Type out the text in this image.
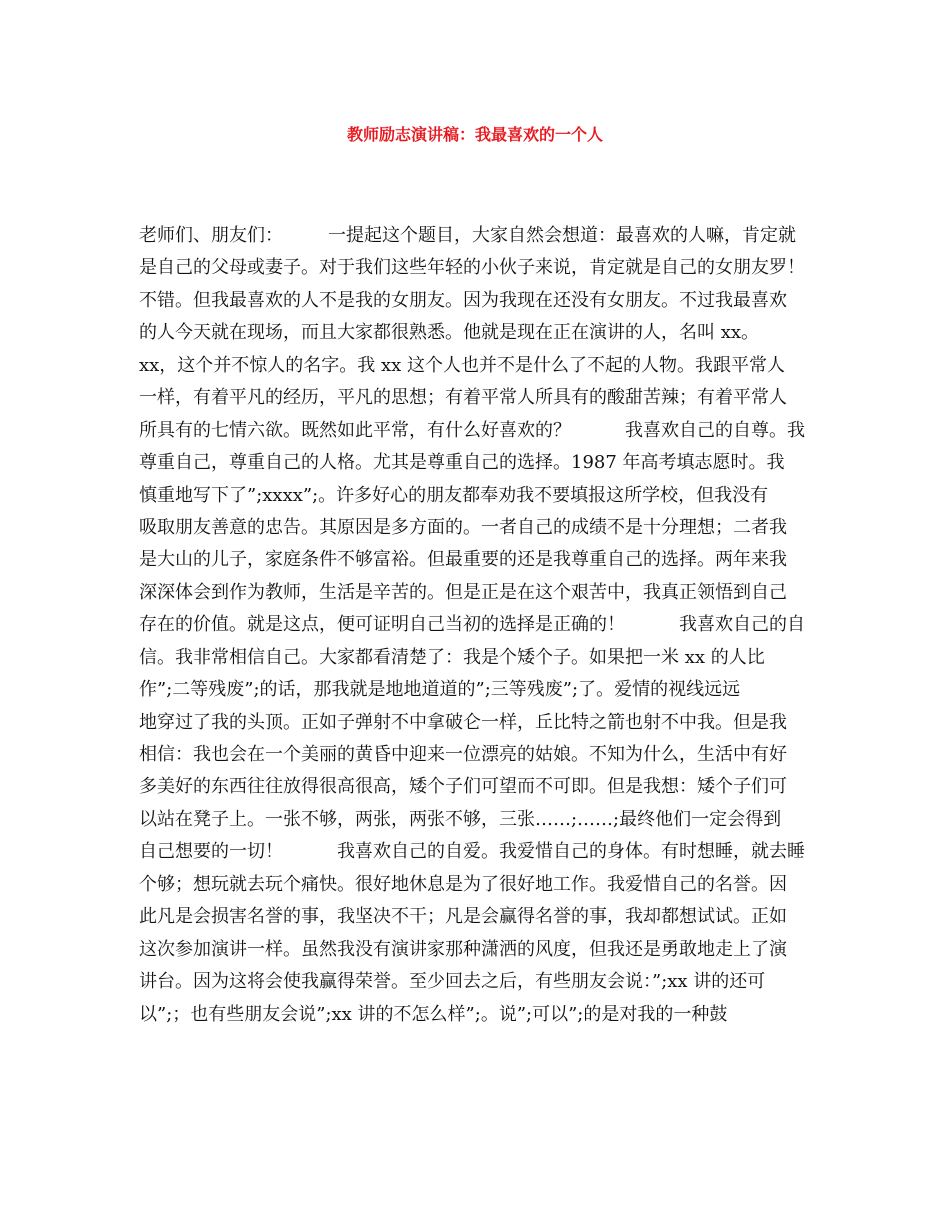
教师励志演讲稿：我最喜欢的一个人
老师们、朋友们：　　　一提起这个题目，大家自然会想道：最喜欢的人嘛，肯定就
是自己的父母或妻子。对于我们这些年轻的小伙子来说，肯定就是自己的女朋友罗！
不错。但我最喜欢的人不是我的女朋友。因为我现在还没有女朋友。不过我最喜欢
的人今天就在现场，而且大家都很熟悉。他就是现在正在演讲的人，名叫 xx。
xx，这个并不惊人的名字。我 xx 这个人也并不是什么了不起的人物。我跟平常人
一样，有着平凡的经历，平凡的思想；有着平常人所具有的酸甜苦辣；有着平常人
所具有的七情六欲。既然如此平常，有什么好喜欢的？　　　我喜欢自己的自尊。我
尊重自己，尊重自己的人格。尤其是尊重自己的选择。1987 年高考填志愿时。我
慎重地写下了”;xxxx”;。许多好心的朋友都奉劝我不要填报这所学校，但我没有
吸取朋友善意的忠告。其原因是多方面的。一者自己的成绩不是十分理想；二者我
是大山的儿子，家庭条件不够富裕。但最重要的还是我尊重自己的选择。两年来我
深深体会到作为教师，生活是辛苦的。但是正是在这个艰苦中，我真正领悟到自己
存在的价值。就是这点，便可证明自己当初的选择是正确的！　　　我喜欢自己的自
信。我非常相信自己。大家都看清楚了：我是个矮个子。如果把一米 xx 的人比
作”;二等残废”;的话，那我就是地地道道的”;三等残废”;了。爱情的视线远远
地穿过了我的头顶。正如子弹射不中拿破仑一样，丘比特之箭也射不中我。但是我
相信：我也会在一个美丽的黄昏中迎来一位漂亮的姑娘。不知为什么，生活中有好
多美好的东西往往放得很高很高，矮个子们可望而不可即。但是我想：矮个子们可
以站在凳子上。一张不够，两张，两张不够，三张……;……;最终他们一定会得到
自己想要的一切！　　　我喜欢自己的自爱。我爱惜自己的身体。有时想睡，就去睡
个够；想玩就去玩个痛快。很好地休息是为了很好地工作。我爱惜自己的名誉。因
此凡是会损害名誉的事，我坚决不干；凡是会赢得名誉的事，我却都想试试。正如
这次参加演讲一样。虽然我没有演讲家那种潇洒的风度，但我还是勇敢地走上了演
讲台。因为这将会使我赢得荣誉。至少回去之后，有些朋友会说：”;xx 讲的还可
以”;；也有些朋友会说”;xx 讲的不怎么样”;。说”;可以”;的是对我的一种鼓
